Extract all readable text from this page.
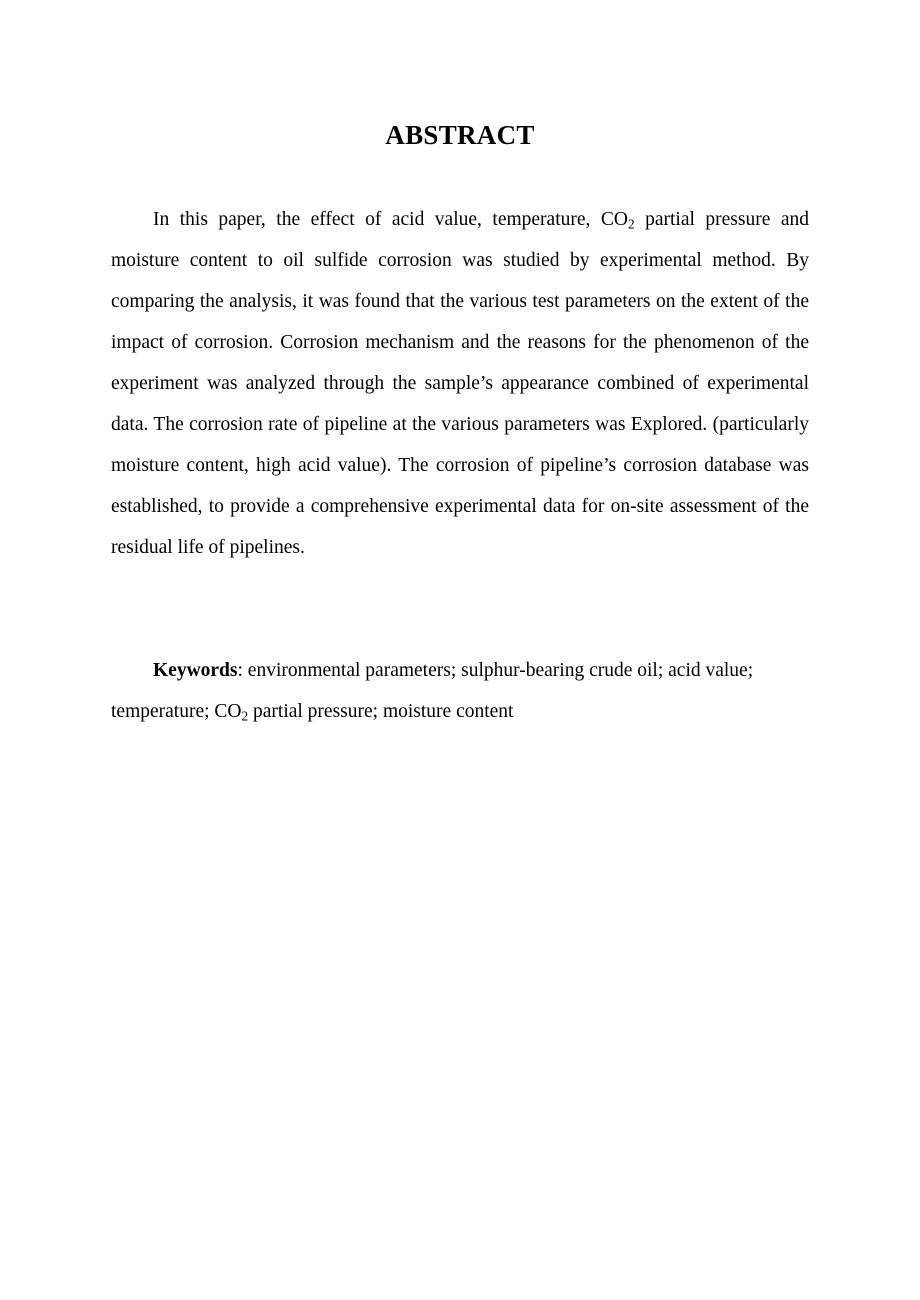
ABSTRACT

In this paper, the effect of acid value, temperature, $CO_2$ partial pressure and moisture content to oil sulfide corrosion was studied by experimental method. By comparing the analysis, it was found that the various test parameters on the extent of the impact of corrosion. Corrosion mechanism and the reasons for the phenomenon of the experiment was analyzed through the sample’s appearance combined of experimental data. The corrosion rate of pipeline at the various parameters was Explored. (particularly moisture content, high acid value). The corrosion of pipeline’s corrosion database was established, to provide a comprehensive experimental data for on-site assessment of the residual life of pipelines.

Keywords: environmental parameters; sulphur-bearing crude oil; acid value; temperature; $CO_2$ partial pressure; moisture content
